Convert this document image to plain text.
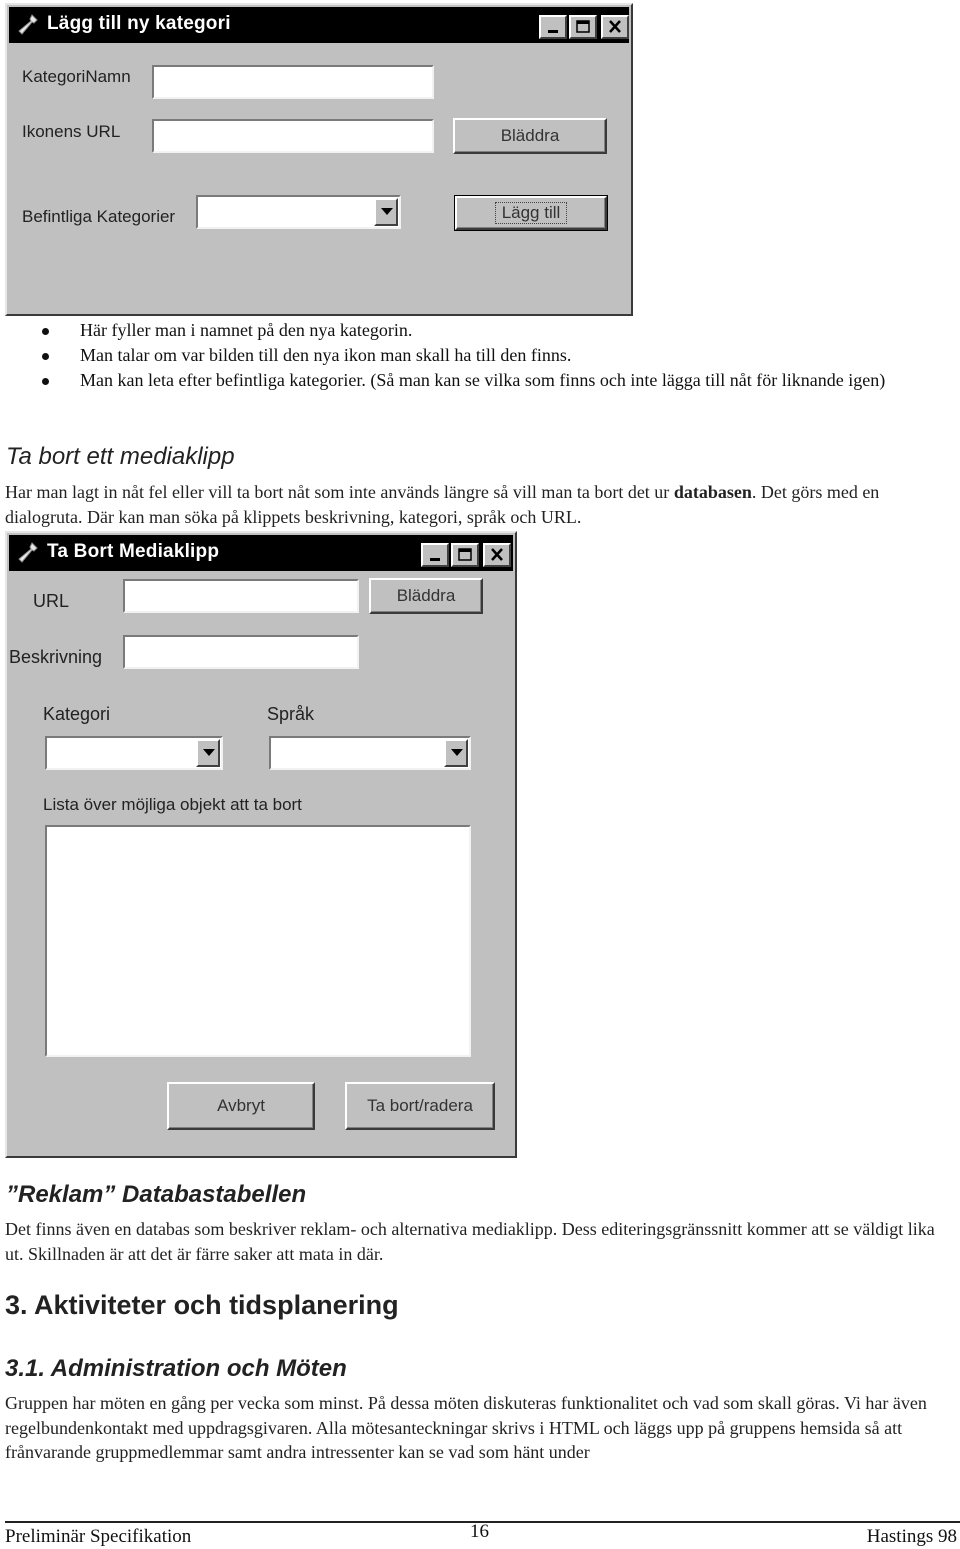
Lägg till ny kategori
KategoriNamn
Ikonens URL	Bläddra
Befintliga Kategorier	Lägg till
Här fyller man i namnet på den nya kategorin.
Man talar om var bilden till den nya ikon man skall ha till den finns.
Man kan leta efter befintliga kategorier. (Så man kan se vilka som finns och inte lägga till nåt för liknande igen)
Ta bort ett mediaklipp
Har man lagt in nåt fel eller vill ta bort nåt som inte används längre så vill man ta bort det ur databasen. Det görs med en dialogruta. Där kan man söka på klippets beskrivning, kategori, språk och URL.
Ta Bort Mediaklipp
URL	Bläddra
Beskrivning
Kategori	Språk
Lista över möjliga objekt att ta bort
Avbryt	Ta bort/radera
”Reklam” Databastabellen
Det finns även en databas som beskriver reklam- och alternativa mediaklipp. Dess editeringsgränssnitt kommer att se väldigt lika ut. Skillnaden är att det är färre saker att mata in där.
3. Aktiviteter och tidsplanering
3.1. Administration och Möten
Gruppen har möten en gång per vecka som minst. På dessa möten diskuteras funktionalitet och vad som skall göras. Vi har även regelbundenkontakt med uppdragsgivaren. Alla mötesanteckningar skrivs i HTML och läggs upp på gruppens hemsida så att frånvarande gruppmedlemmar samt andra intressenter kan se vad som hänt under
Preliminär Specifikation	16	Hastings 98
